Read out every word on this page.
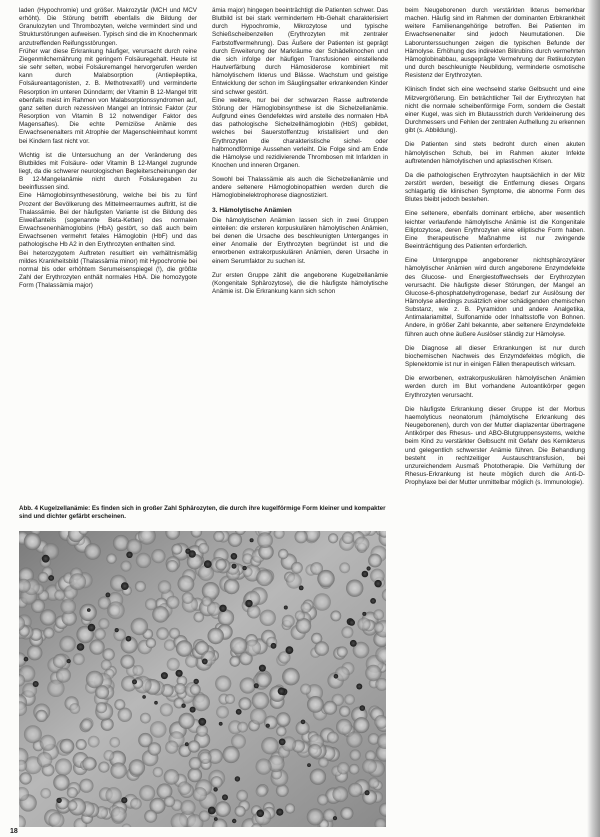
laden (Hypochromie) und größer. Makrozytär (MCH und MCV erhöht). Die Störung betrifft ebenfalls die Bildung der Granulozyten und Thrombozyten, welche vermindert sind und Strukturstörungen aufweisen. Typisch sind die im Knochenmark anzutreffenden Reifungsstörungen.

Früher war diese Erkrankung häufiger, verursacht durch reine Ziegenmilchernährung mit geringem Folsäuregehalt. Heute ist sie sehr selten, wobei Folsäuremangel hervorgerufen werden kann durch Malabsorption (Antiepileptika, Folsäureantagonisten, z. B. Methotrexat®) und verminderte Resorption im unteren Dünndarm; der Vitamin B 12-Mangel tritt ebenfalls meist im Rahmen von Malabsorptionssyndromen auf, ganz selten durch rezessiven Mangel an Intrinsic Faktor (zur Resorption von Vitamin B 12 notwendiger Faktor des Magensaftes). Die echte Perniziöse Anämie des Erwachsenenalters mit Atrophie der Magenschleimhaut kommt bei Kindern fast nicht vor.

Wichtig ist die Untersuchung an der Veränderung des Blutbildes mit Folsäure- oder Vitamin B 12-Mangel zugrunde liegt, da die schwerer neurologischen Begleiterscheinungen der B 12-Mangelanämie nicht durch Folsäuregaben zu beeinflussen sind.

Eine Hämoglobinsynthesestörung, welche bei bis zu fünf Prozent der Bevölkerung des Mittelmeerraumes auftritt, ist die Thalassämie. Bei der häufigsten Variante ist die Bildung des Eiweißanteils (sogenannte Beta-Ketten) des normalen Erwachsenenhämoglobins (HbA) gestört, so daß auch beim Erwachsenen vermehrt fetales Hämoglobin (HbF) und das pathologische Hb A2 in den Erythrozyten enthalten sind.

Bei heterozygotem Auftreten resultiert ein verhältnismäßig mildes Krankheitsbild (Thalassämia minor) mit Hypochromie bei normal bis oder erhöhtem Serumeisenspiegel (!), die größte Zahl der Erythrozyten enthält normales HbA. Die homozygote Form (Thalassämia major)

ämia major) hingegen beeinträchtigt die Patienten schwer. Das Blutbild ist bei stark vermindertem Hb-Gehalt charakterisiert durch Hypochromie, Mikrozytose und typische Schießscheibenzellen (Erythrozyten mit zentraler Farbstoffvermehrung). Das Äußere der Patienten ist geprägt durch Erweiterung der Markräume der Schädelknochen und die sich infolge der häufigen Transfusionen einstellende Hautverfärbung durch Hämosiderose kombiniert mit hämolytischem Ikterus und Blässe. Wachstum und geistige Entwicklung der schon im Säuglingsalter erkrankenden Kinder sind schwer gestört.

Eine weitere, nur bei der schwarzen Rasse auftretende Störung der Hämoglobinsynthese ist die Sichelzellanämie. Aufgrund eines Gendefektes wird anstelle des normalen HbA das pathologische Sichelzellhämoglobin (HbS) gebildet, welches bei Sauerstoffentzug kristallisiert und den Erythrozyten die charakteristische sichel- oder halbmondförmige Aussehen verleiht. Die Folge sind am Ende die Hämolyse und rezidivierende Thrombosen mit Infarkten in Knochen und inneren Organen.

Sowohl bei Thalassämie als auch die Sichelzellanämie und andere seltenere Hämoglobinopathien werden durch die Hämoglobinelektrophorese diagnostiziert.

3. Hämolytische Anämien

Die hämolytischen Anämien lassen sich in zwei Gruppen einteilen: die ersteren korpuskulären hämolytischen Anämien, bei denen die Ursache des beschleunigten Unterganges in einer Anomalie der Erythrozyten begründet ist und die erworbenen extrakorpuskulären Anämien, deren Ursache in einem Serumfaktor zu suchen ist.

Zur ersten Gruppe zählt die angeborene Kugelzellanämie (Kongenitale Sphärozytose), die die häufigste hämolytische Anämie ist. Die Erkrankung kann sich schon

beim Neugeborenen durch verstärkten Ikterus bemerkbar machen. Häufig sind im Rahmen der dominanten Erbkrankheit weitere Familienangehörige betroffen. Bei Patienten im Erwachsenenalter sind jedoch Neumutationen. Die Laborunterssuchungen zeigen die typischen Befunde der Hämolyse. Erhöhung des indirekten Bilirubins durch vermehrten Hämoglobinabbau, ausgeprägte Vermehrung der Retikulozyten und durch beschleunigte Neubildung, verminderte osmotische Resistenz der Erythrozyten.

Klinisch findet sich eine wechselnd starke Gelbsucht und eine Milzvergrößerung. Ein beträchtlicher Teil der Erythrozyten hat nicht die normale scheibenförmige Form, sondern die Gestalt einer Kugel, was sich im Blutausstrich durch Verkleinerung des Durchmessers und Fehlen der zentralen Aufhellung zu erkennen gibt (s. Abbildung).

Die Patienten sind stets bedroht durch einen akuten hämolytischen Schub, bei im Rahmen akuter Infekte auftretenden hämolytischen und aplastischen Krisen.

Da die pathologischen Erythrozyten hauptsächlich in der Milz zerstört werden, beseitigt die Entfernung dieses Organs schlagartig die klinischen Symptome, die abnorme Form des Blutes bleibt jedoch bestehen.

Eine seltenere, ebenfalls dominant erbliche, aber wesentlich leichter verlaufende hämolytische Anämie ist die Kongenitale Elliptozytose, deren Erythrozyten eine elliptische Form haben. Eine therapeutische Maßnahme ist nur zwingende Beeinträchtigung des Patienten erforderlich.

Eine Untergruppe angeborener nichtsphärozytärer hämolytischer Anämien wird durch angeborene Enzymdefekte des Glucose- und Energiestoffwechsels der Erythrozyten verursacht. Die häufigste dieser Störungen, der Mangel an Glucose-6-phosphatdehydrogenase, bedarf zur Auslösung der Hämolyse allerdings zusätzlich einer schädigenden chemischen Substanz, wie z. B. Pyramidon und andere Analgetika, Antimalariamittel, Sulfonamide oder Inhaltsstoffe von Bohnen. Andere, in größer Zahl bekannte, aber seltenere Enzymdefekte führen auch ohne äußere Auslöser ständig zur Hämolyse.

Die Diagnose all dieser Erkrankungen ist nur durch biochemischen Nachweis des Enzymdefektes möglich, die Splenektomie ist nur in einigen Fällen therapeutisch wirksam.

Die erworbenen, extrakorpuskulären hämolytischen Anämien werden durch im Blut vorhandene Autoantikörper gegen Erythrozyten verursacht.

Die häufigste Erkrankung dieser Gruppe ist der Morbus haemolyticus neonatorum (hämolytische Erkrankung des Neugeborenen), durch von der Mutter diaplazentar übertragene Antikörper des Rhesus- und ABO-Blutgruppensystems, welche beim Kind zu verstärkter Gelbsucht mit Gefahr des Kernikterus und gelegentlich schwerster Anämie führen. Die Behandlung besteht in rechtzeitiger Austauschtransfusion, bei unzureichendem Ausmaß Phototherapie. Die Verhütung der Rhesus-Erkrankung ist heute möglich durch die Anti-D-Prophylaxe bei der Mutter unmittelbar möglich (s. Immunologie).

Abb. 4 Kugelzellanämie: Es finden sich in großer Zahl Sphärozyten, die durch ihre kugelförmige Form kleiner und kompakter sind und dichter gefärbt erscheinen.
18
